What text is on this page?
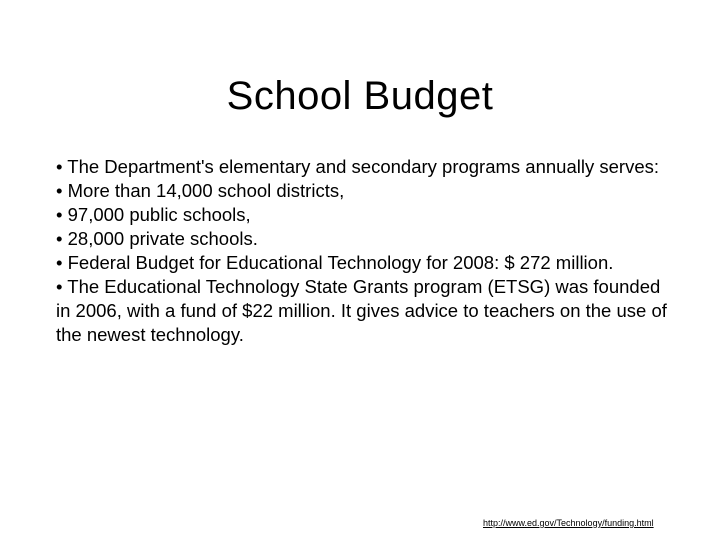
School Budget

• The Department's elementary and secondary programs annually serves:

• More than 14,000 school districts,

• 97,000 public schools,

• 28,000 private schools.

• Federal Budget for Educational Technology for 2008: $ 272 million.

• The Educational Technology State Grants program (ETSG) was founded in 2006, with a fund of $22 million. It gives advice to teachers on the use of the newest technology.

http://www.ed.gov/Technology/funding.html
